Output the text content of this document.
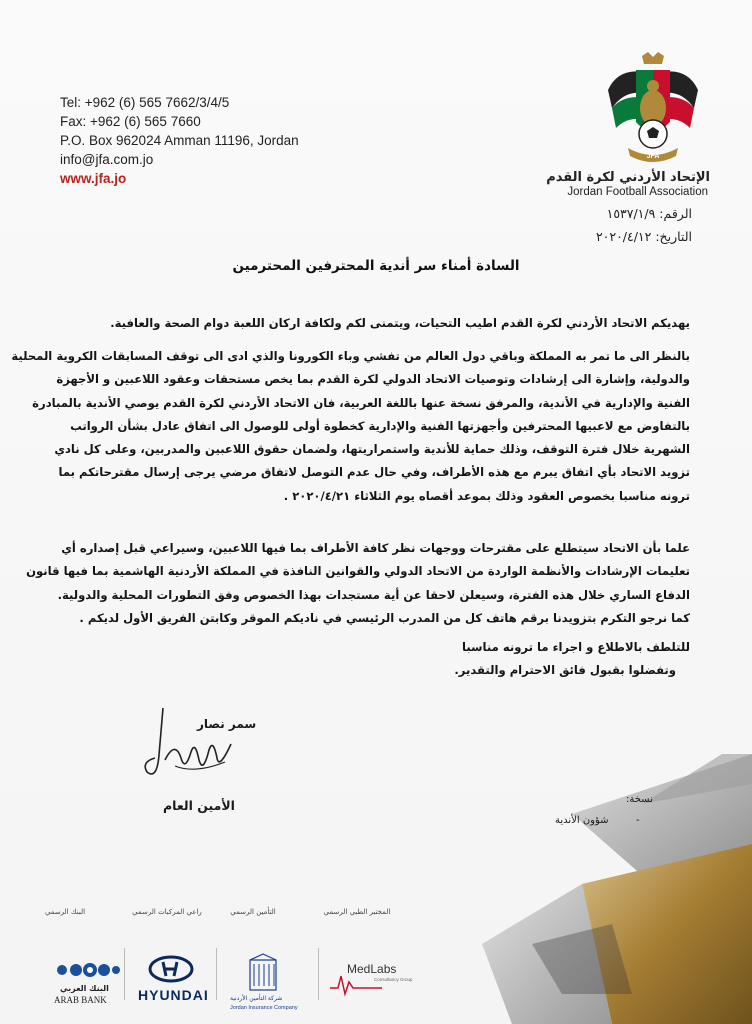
Tel: +962 (6) 565 7662/3/4/5
Fax: +962 (6) 565 7660
P.O. Box 962024 Amman 11196, Jordan
info@jfa.com.jo
www.jfa.jo
JFA
الإتحاد الأردني لكرة القدم
Jordan Football Association
الرقم: ١٥٣٧/١/٩
التاريخ: ٢٠٢٠/٤/١٢
السادة أمناء سر أندية المحترفين المحترمين
يهديكم الاتحاد الأردني لكرة القدم اطيب التحيات، ويتمنى لكم ولكافة اركان اللعبة دوام الصحة والعافية.
بالنظر الى ما تمر به المملكة وباقي دول العالم من تفشي وباء الكورونا والذي ادى الى توقف المسابقات الكروية المحلية
والدولية، وإشارة الى إرشادات وتوصيات الاتحاد الدولي لكرة القدم بما يخص مستحقات وعقود اللاعبين و الأجهزة
الفنية والإدارية في الأندية، والمرفق نسخة عنها باللغة العربية، فان الاتحاد الأردني لكرة القدم يوصي الأندية بالمبادرة
بالتفاوض مع لاعبيها المحترفين وأجهزتها الفنية والإدارية كخطوة أولى للوصول الى اتفاق عادل بشأن الرواتب
الشهرية خلال فترة التوقف، وذلك حماية للأندية واستمراريتها، ولضمان حقوق اللاعبين والمدربين، وعلى كل نادي
تزويد الاتحاد بأي اتفاق يبرم مع هذه الأطراف، وفي حال عدم التوصل لاتفاق مرضي يرجى إرسال مقترحاتكم بما
ترونه مناسبا بخصوص العقود وذلك بموعد أقصاه يوم الثلاثاء ٢٠٢٠/٤/٢١ .
علما بأن الاتحاد سيتطلع على مقترحات ووجهات نظر كافة الأطراف بما فيها اللاعبين، وسيراعي قبل إصداره أي
تعليمات الإرشادات والأنظمة الواردة من الاتحاد الدولي والقوانين النافذة في المملكة الأردنية الهاشمية بما فيها قانون
الدفاع الساري خلال هذه الفترة، وسيعلن لاحقا عن أية مستجدات بهذا الخصوص وفق التطورات المحلية والدولية.
كما نرجو التكرم بتزويدنا برقم هاتف كل من المدرب الرئيسي في ناديكم الموقر وكابتن الفريق الأول لديكم .
للتلطف بالاطلاع و اجراء ما ترونه مناسبا
وتفضلوا بقبول فائق الاحترام والتقدير.
سمر نصار
الأمين العام	نسخة:
-
شؤون الأندية
البنك الرسمي	راعي المركبات الرسمي	التأمين الرسمي	المختبر الطبي الرسمي
البنك العربي
ARAB BANK HYUNDAI	شركة التأمين الأردنية
Jordan Insurance Company
MedLabs
Consultancy Group
